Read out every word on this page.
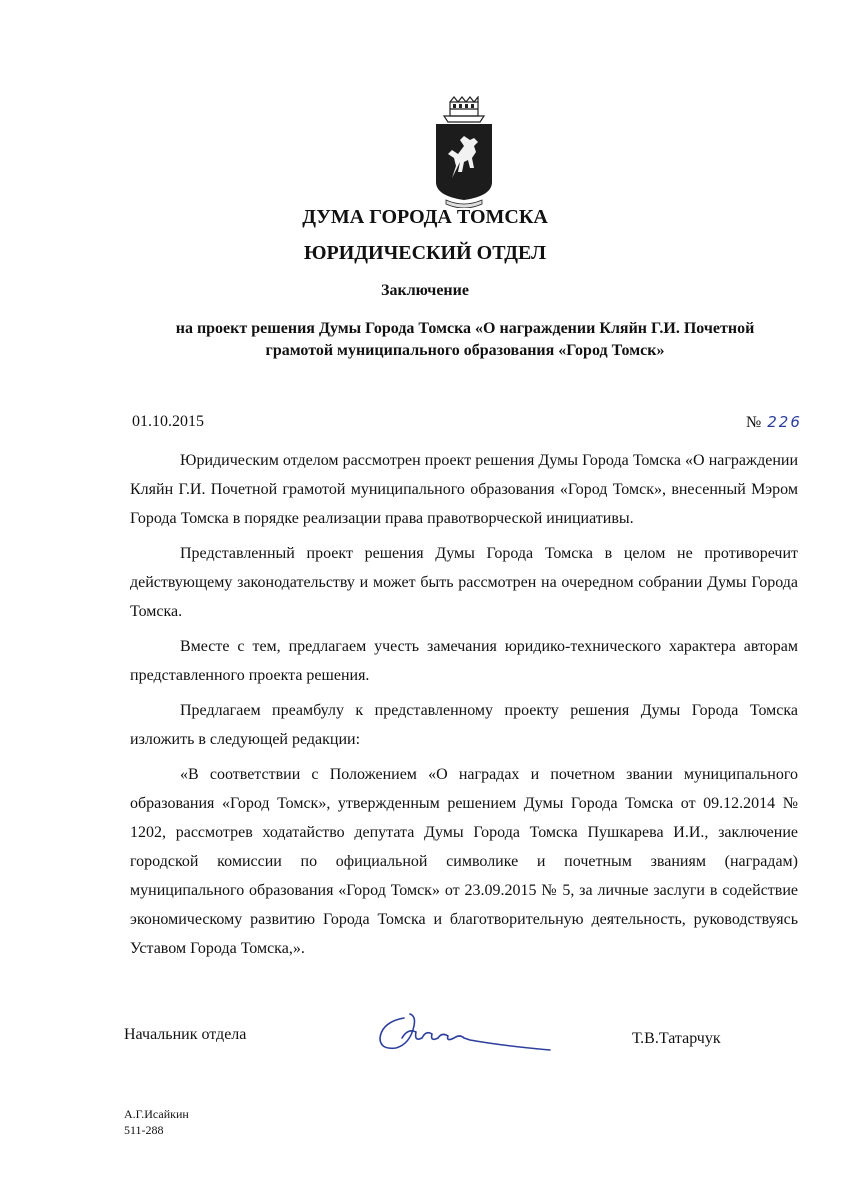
ДУМА ГОРОДА ТОМСКА
ЮРИДИЧЕСКИЙ ОТДЕЛ
Заключение
на проект решения Думы Города Томска «О награждении Кляйн Г.И. Почетной грамотой муниципального образования «Город Томск»
01.10.2015	№ 226

Юридическим отделом рассмотрен проект решения Думы Города Томска «О награждении Кляйн Г.И. Почетной грамотой муниципального образования «Город Томск», внесенный Мэром Города Томска в порядке реализации права правотворческой инициативы.

Представленный проект решения Думы Города Томска в целом не противоречит действующему законодательству и может быть рассмотрен на очередном собрании Думы Города Томска.

Вместе с тем, предлагаем учесть замечания юридико-технического характера авторам представленного проекта решения.

Предлагаем преамбулу к представленному проекту решения Думы Города Томска изложить в следующей редакции:

«В соответствии с Положением «О наградах и почетном звании муниципального образования «Город Томск», утвержденным решением Думы Города Томска от 09.12.2014 № 1202, рассмотрев ходатайство депутата Думы Города Томска Пушкарева И.И., заключение городской комиссии по официальной символике и почетным званиям (наградам) муниципального образования «Город Томск» от 23.09.2015 № 5, за личные заслуги в содействие экономическому развитию Города Томска и благотворительную деятельность, руководствуясь Уставом Города Томска,».

Начальник отдела	Т.В.Татарчук
А.Г.Исайкин
511-288
